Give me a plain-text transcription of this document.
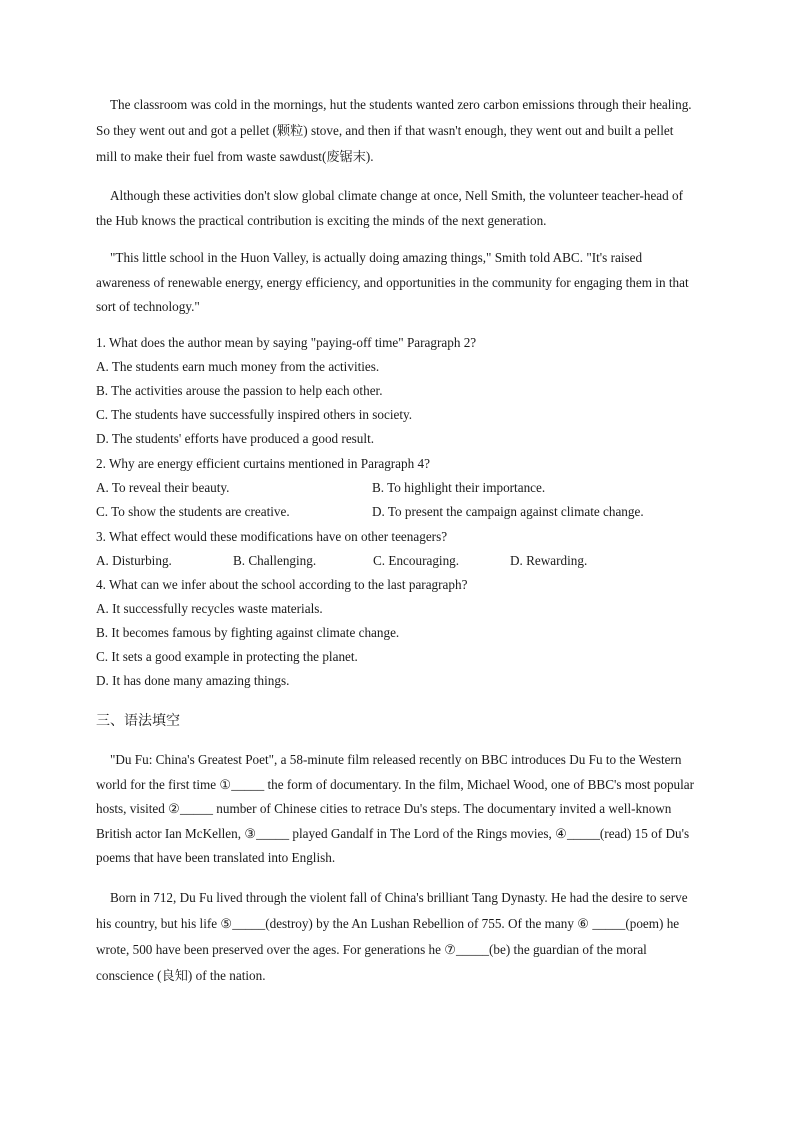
The classroom was cold in the mornings, hut the students wanted zero carbon emissions through their healing. So they went out and got a pellet (颗粒) stove, and then if that wasn't enough, they went out and built a pellet mill to make their fuel from waste sawdust(废锯末).
Although these activities don't slow global climate change at once, Nell Smith, the volunteer teacher-head of the Hub knows the practical contribution is exciting the minds of the next generation.
"This little school in the Huon Valley, is actually doing amazing things," Smith told ABC. "It's raised awareness of renewable energy, energy efficiency, and opportunities in the community for engaging them in that sort of technology."
1. What does the author mean by saying "paying-off time" Paragraph 2?
A. The students earn much money from the activities.
B. The activities arouse the passion to help each other.
C. The students have successfully inspired others in society.
D. The students' efforts have produced a good result.
2. Why are energy efficient curtains mentioned in Paragraph 4?
A. To reveal their beauty.	B. To highlight their importance.
C. To show the students are creative.	D. To present the campaign against climate change.
3. What effect would these modifications have on other teenagers?
A. Disturbing.	B. Challenging.	C. Encouraging.	D. Rewarding.
4. What can we infer about the school according to the last paragraph?
A. It successfully recycles waste materials.
B. It becomes famous by fighting against climate change.
C. It sets a good example in protecting the planet.
D. It has done many amazing things.
三、语法填空
"Du Fu: China's Greatest Poet", a 58-minute film released recently on BBC introduces Du Fu to the Western world for the first time ①_____ the form of documentary. In the film, Michael Wood, one of BBC's most popular hosts, visited ②_____ number of Chinese cities to retrace Du's steps. The documentary invited a well-known British actor Ian McKellen, ③_____ played Gandalf in The Lord of the Rings movies, ④_____(read) 15 of Du's poems that have been translated into English.
Born in 712, Du Fu lived through the violent fall of China's brilliant Tang Dynasty. He had the desire to serve his country, but his life ⑤_____(destroy) by the An Lushan Rebellion of 755. Of the many ⑥ _____(poem) he wrote, 500 have been preserved over the ages. For generations he ⑦_____(be) the guardian of the moral conscience (良知) of the nation.
